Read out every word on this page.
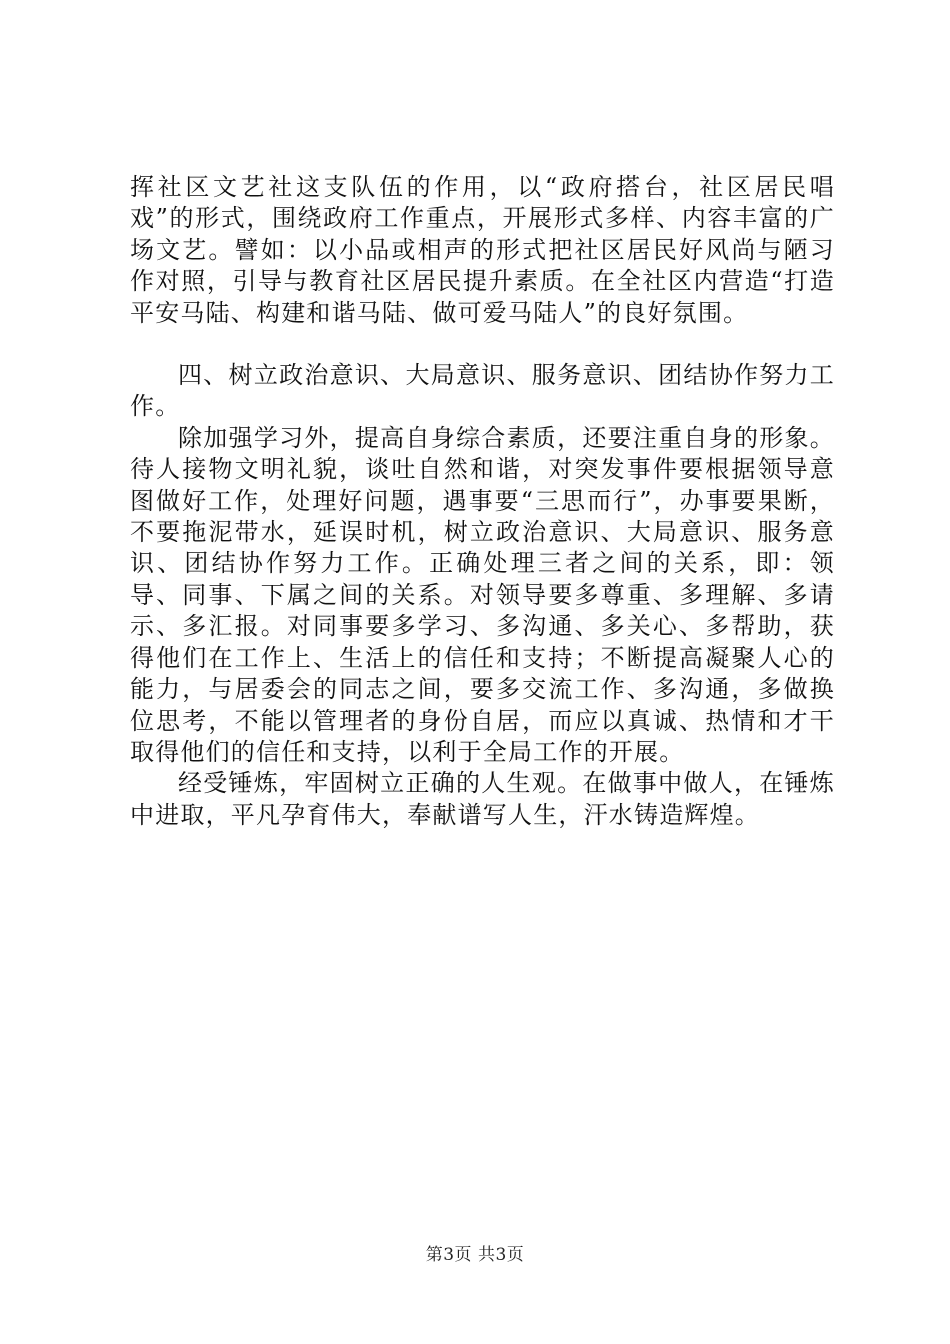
挥社区文艺社这支队伍的作用，以“政府搭台，社区居民唱戏”的形式，围绕政府工作重点，开展形式多样、内容丰富的广场文艺。譬如：以小品或相声的形式把社区居民好风尚与陋习作对照，引导与教育社区居民提升素质。在全社区内营造“打造平安马陆、构建和谐马陆、做可爱马陆人”的良好氛围。

四、树立政治意识、大局意识、服务意识、团结协作努力工作。

除加强学习外，提高自身综合素质，还要注重自身的形象。待人接物文明礼貌，谈吐自然和谐，对突发事件要根据领导意图做好工作，处理好问题，遇事要“三思而行”，办事要果断，不要拖泥带水，延误时机，树立政治意识、大局意识、服务意识、团结协作努力工作。正确处理三者之间的关系，即：领导、同事、下属之间的关系。对领导要多尊重、多理解、多请示、多汇报。对同事要多学习、多沟通、多关心、多帮助，获得他们在工作上、生活上的信任和支持；不断提高凝聚人心的能力，与居委会的同志之间，要多交流工作、多沟通，多做换位思考，不能以管理者的身份自居，而应以真诚、热情和才干取得他们的信任和支持，以利于全局工作的开展。

经受锤炼，牢固树立正确的人生观。在做事中做人，在锤炼中进取，平凡孕育伟大，奉献谱写人生，汗水铸造辉煌。

第3页 共3页
